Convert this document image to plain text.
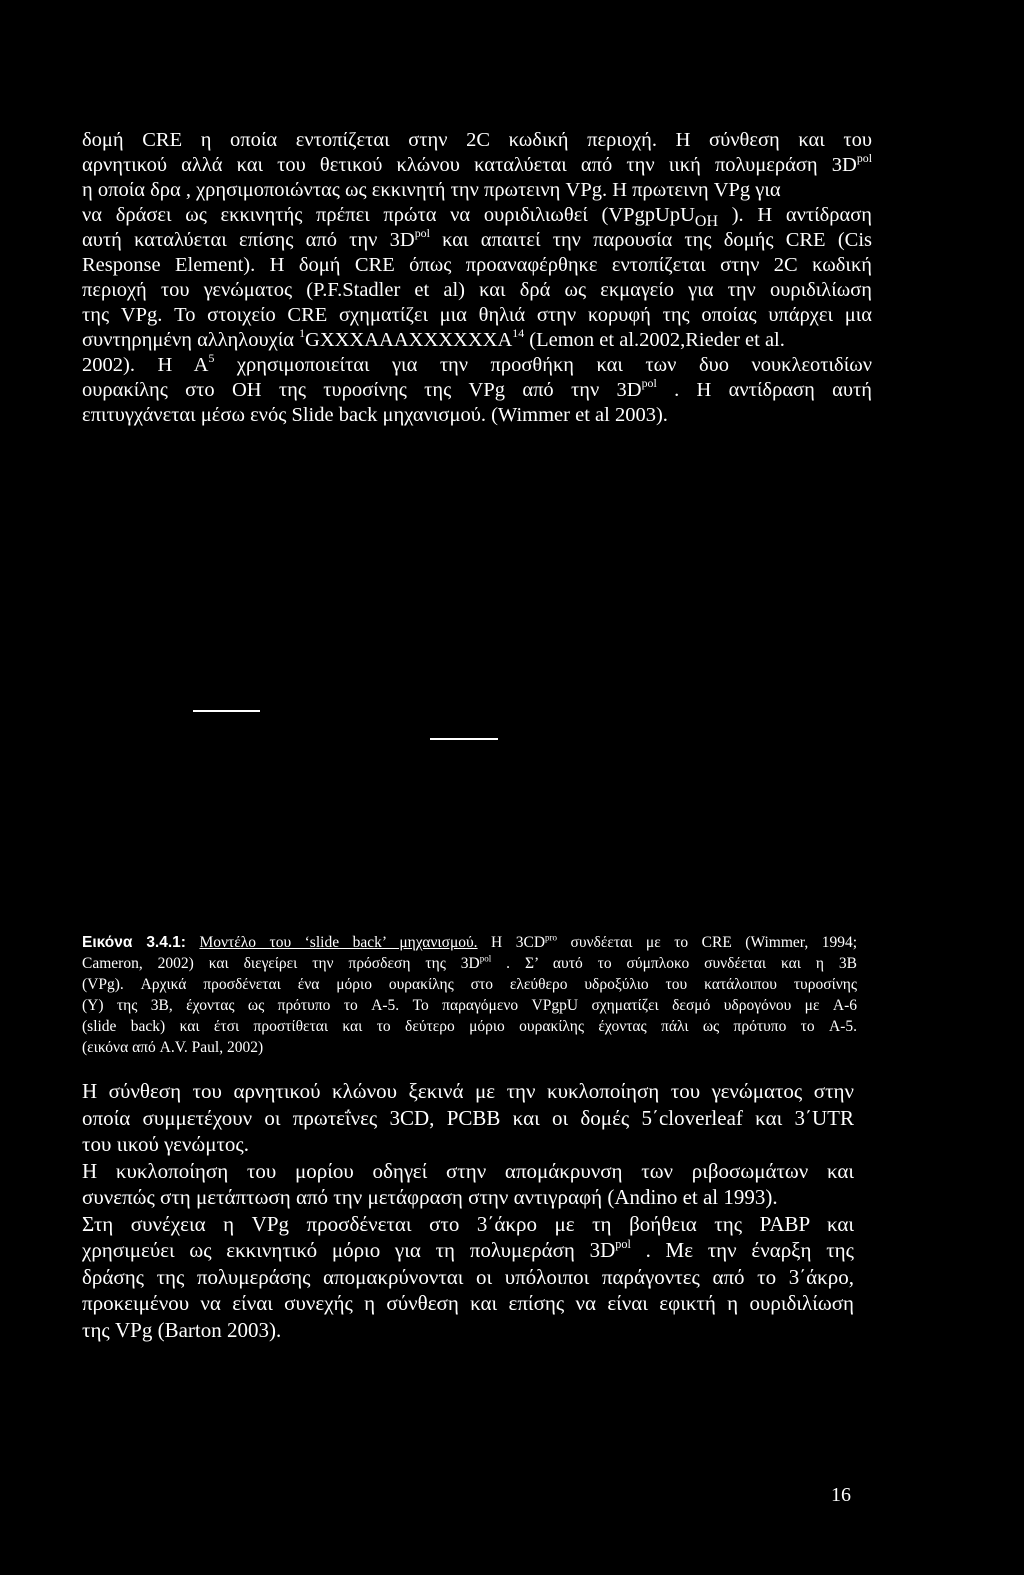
δομή CRE η οποία εντοπίζεται στην 2C κωδική περιοχή. Η σύνθεση και του
αρνητικού αλλά και του θετικού κλώνου καταλύεται από την ιική πολυμεράση $3D^{pol}$
η οποία δρα , χρησιμοποιώντας ως εκκινητή την πρωτεινη VPg. Η πρωτεινη VPg για
να δράσει ως εκκινητής πρέπει πρώτα να ουριδιλιωθεί (VPgpUpU$_{OH}$ ). Η αντίδραση
αυτή καταλύεται επίσης από την $3D^{pol}$ και απαιτεί την παρουσία της δομής CRE (Cis
Response Element). Η δομή CRE όπως προαναφέρθηκε εντοπίζεται στην 2C κωδική
περιοχή του γενώματος (P.F.Stadler et al) και δρά ως εκμαγείο για την ουριδιλίωση
της VPg. Το στοιχείο CRE σχηματίζει μια θηλιά στην κορυφή της οποίας υπάρχει μια
συντηρημένη αλληλουχία $^1$GXXXAAAXXXXXXA$^{14}$ (Lemon et al.2002,Rieder et al.
2002). Η $A^5$ χρησιμοποιείται για την προσθήκη και των δυο νουκλεοτιδίων
ουρακίλης στο ΟΗ της τυροσίνης της VPg από την $3D^{pol}$ . Η αντίδραση αυτή
επιτυγχάνεται μέσω ενός Slide back μηχανισμού. (Wimmer et al 2003).
Εικόνα 3.4.1: Μοντέλο του ‘slide back’ μηχανισμού. Η $3CD^{pro}$ συνδέεται με το CRE (Wimmer, 1994;
Cameron, 2002) και διεγείρει την πρόσδεση της $3D^{pol}$ . Σ’ αυτό το σύμπλοκο συνδέεται και η 3B
(VPg). Αρχικά προσδένεται ένα μόριο ουρακίλης στο ελεύθερο υδροξύλιο του κατάλοιπου τυροσίνης
(Y) της 3B, έχοντας ως πρότυπο το A-5. Το παραγόμενο VPgpU σχηματίζει δεσμό υδρογόνου με A-6
(slide back) και έτσι προστίθεται και το δεύτερο μόριο ουρακίλης έχοντας πάλι ως πρότυπο το A-5.
(εικόνα από A.V. Paul, 2002)
Η σύνθεση του αρνητικού κλώνου ξεκινά με την κυκλοποίηση του γενώματος στην
οποία συμμετέχουν οι πρωτεΐνες 3CD, PCBB και οι δομές 5΄cloverleaf και 3΄UTR
του ιικού γενώμτος.
Η κυκλοποίηση του μορίου οδηγεί στην απομάκρυνση των ριβοσωμάτων και
συνεπώς στη μετάπτωση από την μετάφραση στην αντιγραφή (Andino et al 1993).
Στη συνέχεια η VPg προσδένεται στο 3΄άκρο με τη βοήθεια της PABP και
χρησιμεύει ως εκκινητικό μόριο για τη πολυμεράση $3D^{pol}$ . Με την έναρξη της
δράσης της πολυμεράσης απομακρύνονται οι υπόλοιποι παράγοντες από το 3΄άκρο,
προκειμένου να είναι συνεχής η σύνθεση και επίσης να είναι εφικτή η ουριδιλίωση
της VPg (Barton 2003).
16
